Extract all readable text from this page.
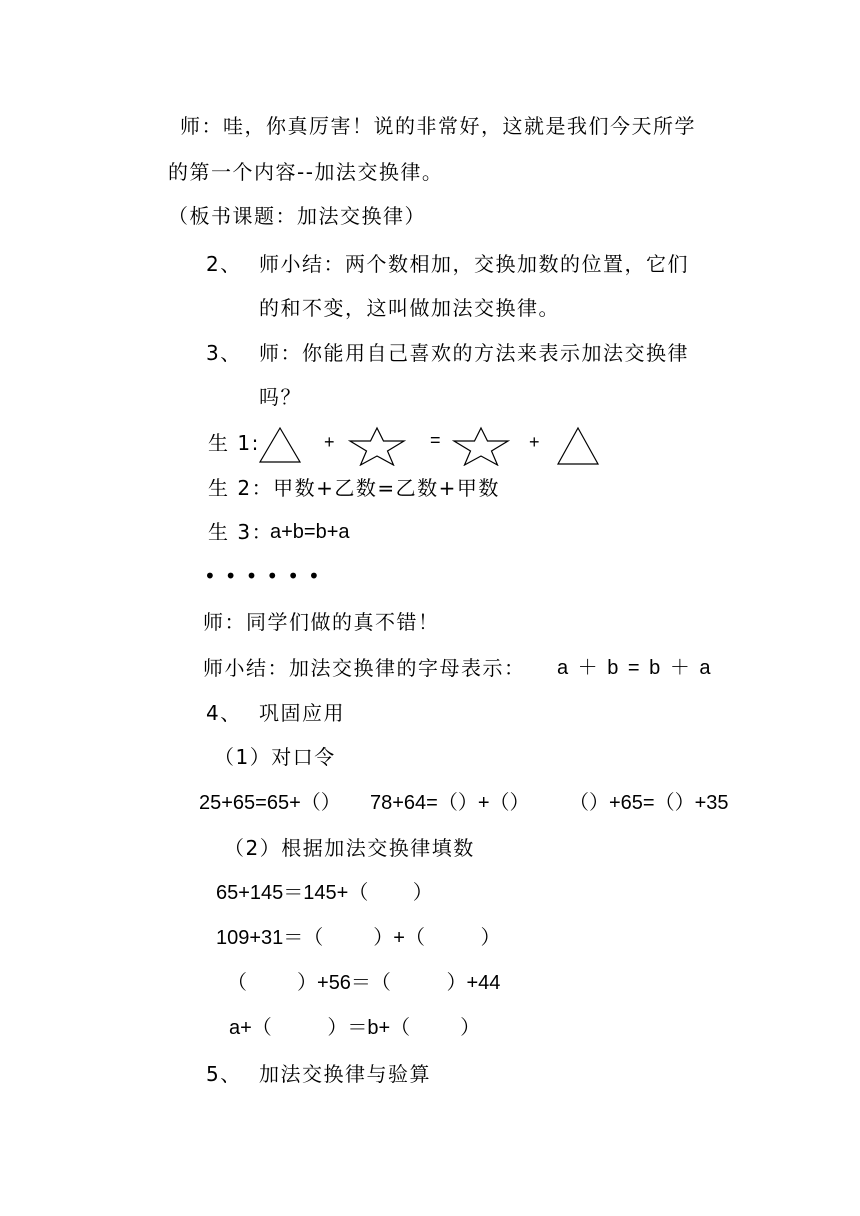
师：哇，你真厉害！说的非常好，这就是我们今天所学
的第一个内容--加法交换律。
（板书课题：加法交换律）
2、 师小结：两个数相加，交换加数的位置，它们
的和不变，这叫做加法交换律。
3、 师：你能用自己喜欢的方法来表示加法交换律
吗？
生 1:	+	=	+
生 2：甲数+乙数=乙数+甲数
生 3：
a+b=b+a
••••••
师：同学们做的真不错！
师小结：加法交换律的字母表示： a ＋ b = b ＋ a
4、 巩固应用
（1）对口令
25+65=65+（） 78+64=（）+（） （）+65=（）+35
（2）根据加法交换律填数
65+145＝145+（        ）
109+31＝（         ）+（          ）
（         ）+56＝（          ）+44
a+（          ）＝b+（         ）
5、 加法交换律与验算
